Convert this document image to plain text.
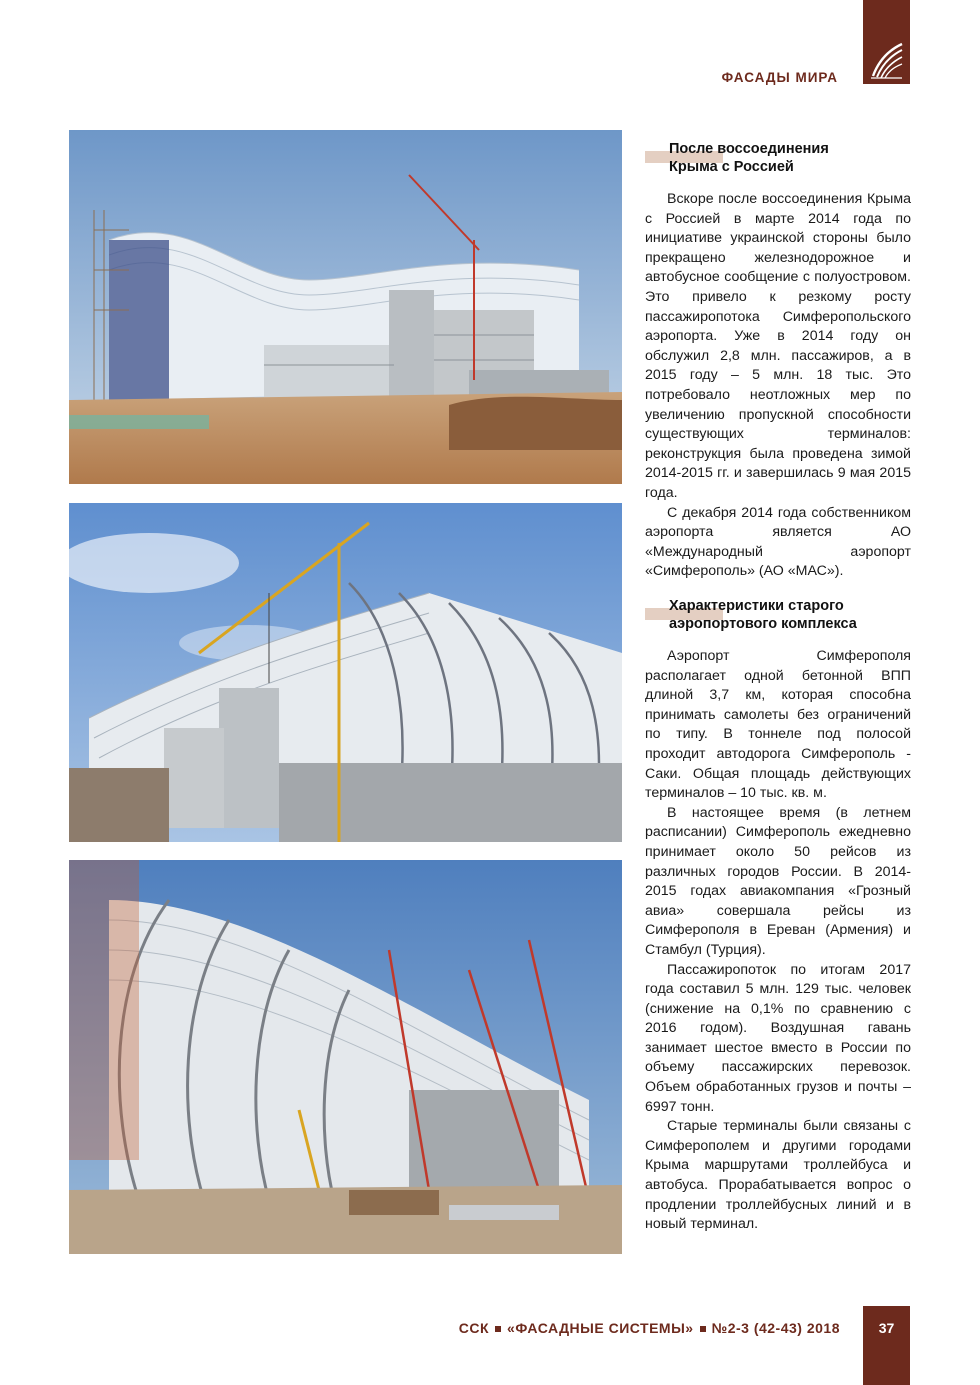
ФАСАДЫ МИРА
После воссоединения
Крыма с Россией

Вскоре после воссоединения Крыма с Россией в марте 2014 года по инициативе украинской стороны было прекращено железнодорожное и автобусное сообщение с полуостровом. Это привело к резкому росту пассажиропотока Симферопольского аэропорта. Уже в 2014 году он обслужил 2,8 млн. пассажиров, а в 2015 году – 5 млн. 18 тыс. Это потребовало неотложных мер по увеличению пропускной способности существующих терминалов: реконструкция была проведена зимой 2014-2015 гг. и завершилась 9 мая 2015 года.

С декабря 2014 года собственником аэропорта является АО «Международный аэропорт «Симферополь» (АО «МАС»).

Характеристики старого
аэропортового комплекса

Аэропорт Симферополя располагает одной бетонной ВПП длиной 3,7 км, которая способна принимать самолеты без ограничений по типу. В тоннеле под полосой проходит автодорога Симферополь - Саки. Общая площадь действующих терминалов – 10 тыс. кв. м.

В настоящее время (в летнем расписании) Симферополь ежедневно принимает около 50 рейсов из различных городов России. В 2014-2015 годах авиакомпания «Грозный авиа» совершала рейсы из Симферополя в Ереван (Армения) и Стамбул (Турция).

Пассажиропоток по итогам 2017 года составил 5 млн. 129 тыс. человек (снижение на 0,1% по сравнению с 2016 годом). Воздушная гавань занимает шестое вместо в России по объему пассажирских перевозок. Объем обработанных грузов и почты – 6997 тонн.

Старые терминалы были связаны с Симферополем и другими городами Крыма маршрутами троллейбуса и автобуса. Прорабатывается вопрос о продлении троллейбусных линий и в новый терминал.

ССК «ФАСАДНЫЕ СИСТЕМЫ» №2-3 (42-43) 2018	37
